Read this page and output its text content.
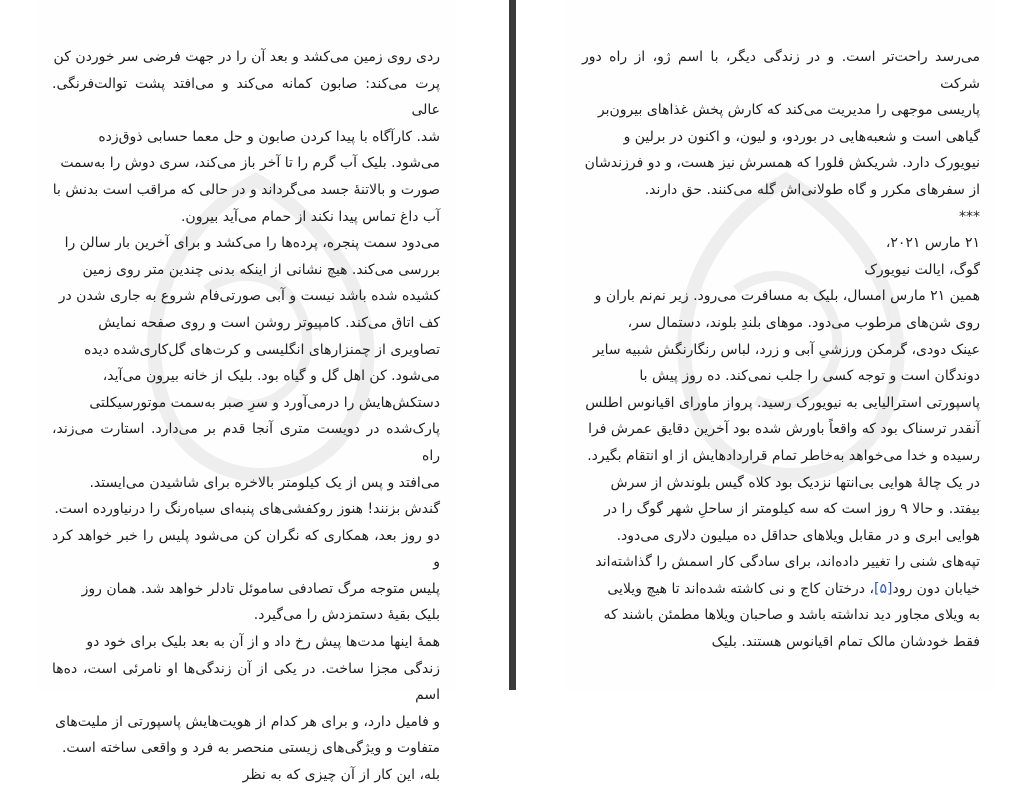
ردی روی زمین می‌کشد و بعد آن را در جهت فرضی سر خوردن کن

پرت می‌کند: صابون کمانه می‌کند و می‌افتد پشت توالت‌فرنگی. عالی

شد. کارآگاه با پیدا کردن صابون و حل معما حسابی ذوق‌زده

می‌شود. بلیک آب گرم را تا آخر باز می‌کند، سری دوش را به‌سمت

صورت و بالاتنهٔ جسد می‌گرداند و در حالی که مراقب است بدنش با

آب داغ تماس پیدا نکند از حمام می‌آید بیرون.

می‌دود سمت پنجره، پرده‌ها را می‌کشد و برای آخرین بار سالن را

بررسی می‌کند. هیچ نشانی از اینکه بدنی چندین متر روی زمین

کشیده شده باشد نیست و آبی صورتی‌فام شروع به جاری شدن در

کف اتاق می‌کند. کامپیوتر روشن است و روی صفحه نمایش

تصاویری از چمنزارهای انگلیسی و کرت‌های گل‌کاری‌شده دیده

می‌شود. کن اهل گل و گیاه بود. بلیک از خانه بیرون می‌آید،

دستکش‌هایش را درمی‌آورد و سرِ صبر به‌سمت موتورسیکلتی

پارک‌شده در دویست متری آنجا قدم بر می‌دارد. استارت می‌زند، راه

می‌افتد و پس از یک کیلومتر بالاخره برای شاشیدن می‌ایستد.

گندش بزنند! هنوز روکفشی‌های پنبه‌ای سیاه‌رنگ را درنیاورده است.

دو روز بعد، همکاری که نگران کن می‌شود پلیس را خبر خواهد کرد و

پلیس متوجه مرگ تصادفی ساموئل تادلر خواهد شد. همان روز

بلیک بقیهٔ دستمزدش را می‌گیرد.

همهٔ اینها مدت‌ها پیش رخ داد و از آن به بعد بلیک برای خود دو

زندگی مجزا ساخت. در یکی از آن زندگی‌ها او نامرئی است، ده‌ها اسم

و فامیل دارد، و برای هر کدام از هویت‌هایش پاسپورتی از ملیت‌های

متفاوت و ویژگی‌های زیستی منحصر به فرد و واقعی ساخته است.

بله، این کار از آن چیزی که به نظر

می‌رسد راحت‌تر است. و در زندگی دیگر، با اسم ژو، از راه دور شرکت

پاریسی موجهی را مدیریت می‌کند که کارش پخش غذاهای بیرون‌بر

گیاهی است و شعبه‌هایی در بوردو، و لیون، و اکنون در برلین و

نیویورک دارد. شریکش فلورا که همسرش نیز هست، و دو فرزندشان

از سفرهای مکرر و گاه طولانی‌اش گله می‌کنند. حق دارند.

***

۲۱ مارس ۲۰۲۱،

گوگ، ایالت نیویورک

همین ۲۱ مارس امسال، بلیک به مسافرت می‌رود. زیر نم‌نم باران و

روی شن‌های مرطوب می‌دود. موهای بلندِ بلوند، دستمال سر،

عینک دودی، گرمکن ورزشیِ آبی و زرد، لباس رنگارنگش شبیه سایر

دوندگان است و توجه کسی را جلب نمی‌کند. ده روز پیش با

پاسپورتی استرالیایی به نیویورک رسید. پرواز ماورای اقیانوس اطلس

آنقدر ترسناک بود که واقعاً باورش شده بود آخرین دقایق عمرش فرا

رسیده و خدا می‌خواهد به‌خاطر تمام قراردادهایش از او انتقام بگیرد.

در یک چالهٔ هوایی بی‌انتها نزدیک بود کلاه گیس بلوندش از سرش

بیفتد. و حالا ۹ روز است که سه کیلومتر از ساحلِ شهر گوگ را در

هوایی ابری و در مقابل ویلاهای حداقل ده میلیون دلاری می‌دود.

تپه‌های شنی را تغییر داده‌اند، برای سادگی کار اسمش را گذاشته‌اند

خیابان دون رود[۵]، درختان کاج و نی کاشته شده‌اند تا هیچ ویلایی

به ویلای مجاور دید نداشته باشد و صاحبان ویلاها مطمئن باشند که

فقط خودشان مالک تمام اقیانوس هستند. بلیک
